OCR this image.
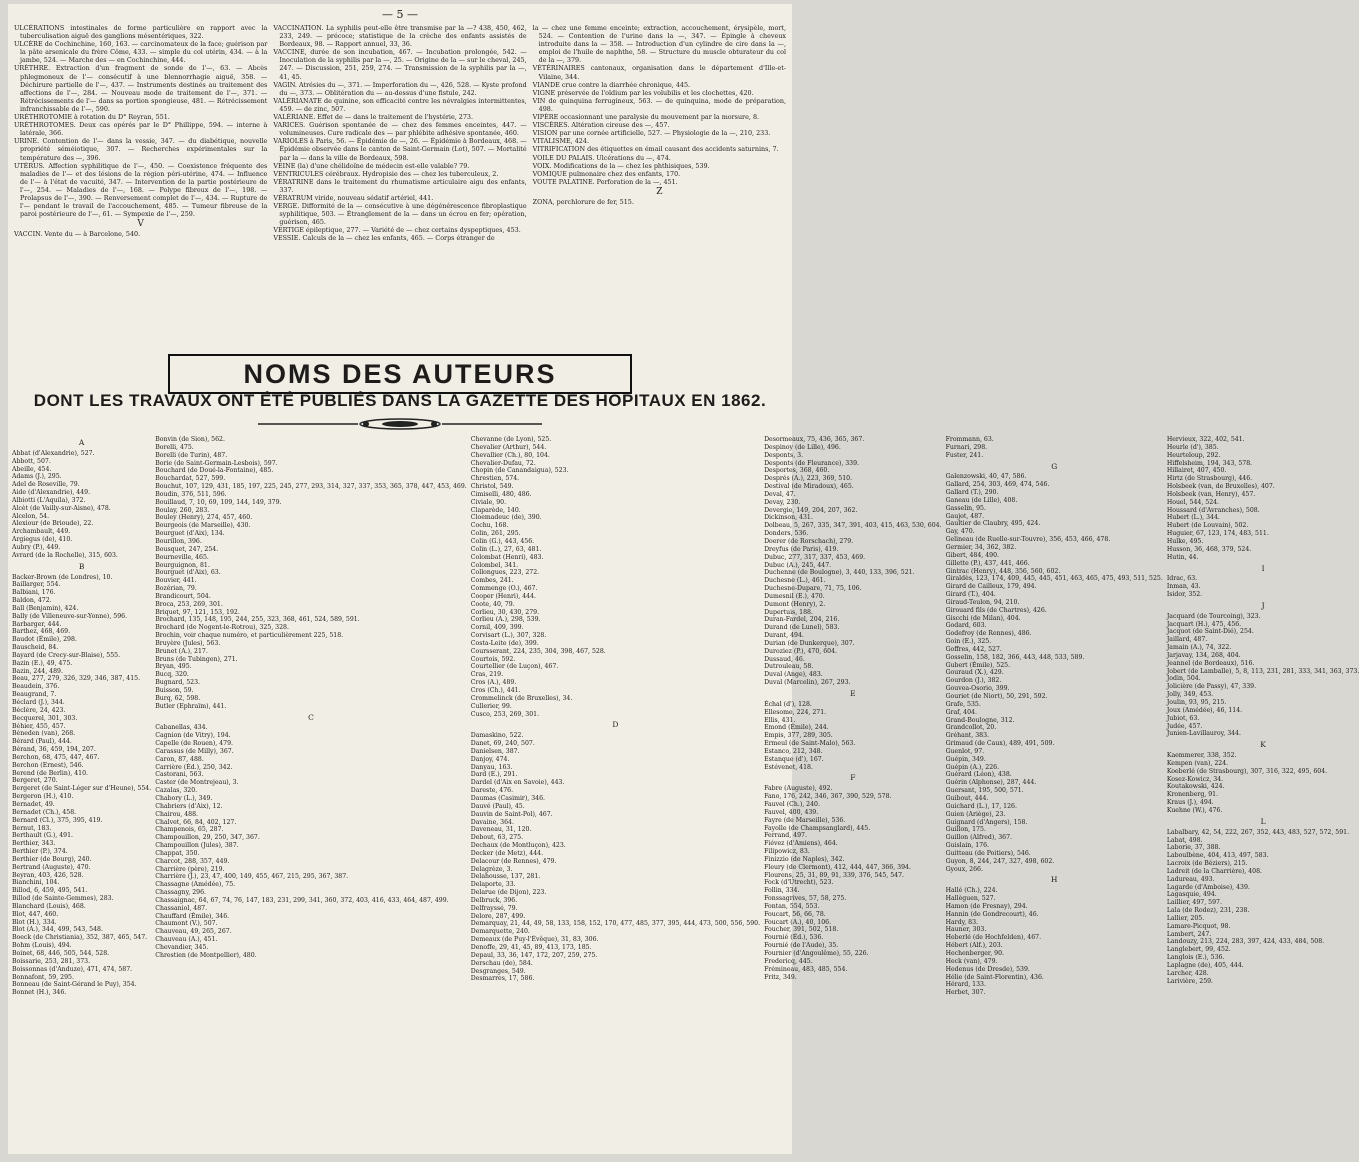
— 5 —

ULCÉRATIONS intestinales de forme particulière en rapport avec la tuberculisation aiguë des ganglions mésentériques, 322.

ULCÈRE de Cochinchine, 160, 163. — carcinomateux de la face; guérison par la pâte arsenicale du frère Côme, 433. — simple du col utérin, 434. — à la jambe, 524. — Marche des — en Cochinchine, 444.

URÈTHRE. Extraction d'un fragment de sonde de l'—, 63. — Abcès phlegmoneux de l'— consécutif à une blennorrhagie aiguë, 358. — Déchirure partielle de l'—, 437. — Instruments destinés au traitement des affections de l'—, 284. — Nouveau mode de traitement de l'—, 371. — Rétrécissements de l'— dans sa portion spongieuse, 481. — Rétrécissement infranchissable de l'—, 590.

URÉTHROTOMIE à rotation du D° Reyran, 551.

URÉTHROTOMES. Deux cas opérés par le D° Phillippe, 594. — interne à latérale, 366.

URINE. Contention de l'— dans la vessie, 347. — du diabétique, nouvelle propriété séméiotique, 307. — Recherches expérimentales sur la température des —, 396.

UTÉRUS. Affection syphilitique de l'—, 450. — Coexistence fréquente des maladies de l'— et des lésions de la région péri-utérine, 474. — Influence de l'— à l'état de vacuité, 347. — Intervention de la partie postérieure de l'—, 254. — Maladies de l'—, 168. — Polype fibreux de l'—, 198. — Prolapsus de l'—, 390. — Renversement complet de l'—, 434. — Rupture de l'— pendant le travail de l'accouchement, 485. — Tumeur fibreuse de la paroi postérieure de l'—, 61. — Sympexie de l'—, 259.

V

VACCIN. Vente du — à Barcelone, 540.

VACCINATION. La syphilis peut-elle être transmise par la —? 438, 450, 462, 233, 249. — précoce; statistique de la crèche des enfants assistés de Bordeaux, 98. — Rapport annuel, 33, 36.

VACCINE, durée de son incubation, 467. — Incubation prolongée, 542. — Inoculation de la syphilis par la —, 25. — Origine de la — sur le cheval, 245, 247. — Discussion, 251, 259, 274. — Transmission de la syphilis par la —, 41, 45.

VAGIN. Atrésies du —, 371. — Imperforation du —, 426, 528. — Kyste profond du —, 373. — Oblitération du — au-dessus d'une fistule, 242.

VALÉRIANATE de quinine, son efficacité contre les névralgies intermittentes, 459. — de zinc, 507.

VALÉRIANE. Effet de — dans le traitement de l'hystérie, 273.

VARICES. Guérison spontanée de — chez des femmes enceintes, 447. — volumineuses. Cure radicale des — par phlébite adhésive spontanée, 460.

VARIOLES à Paris, 56. — Épidémie de —, 26. — Épidémie à Bordeaux, 468. — Épidémie observée dans le canton de Saint-Germain (Lot), 507. — Mortalité par la — dans la ville de Bordeaux, 598.

VEINE (la) d'une chélidoïne de médecin est-elle valable? 79.

VENTRICULES cérébraux. Hydropisie des — chez les tuberculeux, 2.

VÉRATRINE dans le traitement du rhumatisme articulaire aigu des enfants, 337.

VÉRATRUM viride, nouveau sédatif artériel, 441.

VERGE. Difformité de la — consécutive à une dégénérescence fibroplastique syphilitique, 503. — Étranglement de la — dans un écrou en fer; opération, guérison, 465.

VERTIGE épileptique, 277. — Variété de — chez certains dyspeptiques, 453.

VESSIE. Calculs de la — chez les enfants, 465. — Corps étranger de

la — chez une femme enceinte; extraction, accouchement, érysipèle, mort, 524. — Contention de l'urine dans la —, 347. — Épingle à cheveux introduite dans la — 358. — Introduction d'un cylindre de cire dans la —, emploi de l'huile de naphthe, 58. — Structure du muscle obturateur du col de la —, 379.

VÉTÉRINAIRES cantonaux, organisation dans le département d'Ille-et-Vilaine, 344.

VIANDE crue contre la diarrhée chronique, 445.

VIGNE préservée de l'oïdium par les volubilis et les clochettes, 420.

VIN de quinquina ferrugineux, 563. — de quinquina, mode de préparation, 498.

VIPÈRE occasionnant une paralysie du mouvement par la morsure, 8.

VISCÈRES. Altération cireuse des —, 457.

VISION par une cornée artificielle, 527. — Physiologie de la —, 210, 233.

VITALISME, 424.

VITRIFICATION des étiquettes en émail causant des accidents saturnins, 7.

VOILE DU PALAIS. Ulcérations du —, 474.

VOIX. Modifications de la — chez les phthisiques, 539.

VOMIQUE pulmonaire chez des enfants, 170.

VOUTE PALATINE. Perforation de la —, 451.

Z

ZONA, perchlorure de fer, 515.

NOMS DES AUTEURS
DONT LES TRAVAUX ONT ÉTÉ PUBLIÉS DANS LA GAZETTE DES HOPITAUX EN 1862.
A
Abbat (d'Alexandrie), 527.
Abbott, 507.
Abeille, 454.
Adams (J.), 295.
Adel de Roseville, 79.
Aide (d'Alexandrie), 449.
Albiotti (L'Aquila), 372.
Alcèt (de Vailly-sur-Aisne), 478.
Alcelon, 54.
Alexiour (de Brioude), 22.
Archambault, 449.
Argiegus (de), 410.
Aubry (P.), 449.
Avrard (de la Rochelle), 315, 603.
B
Backer-Brown (de Londres), 10.
Baillarger, 554.
Balbiani, 176.
Baldon, 472.
Ball (Benjamin), 424.
Bally (de Villeneuve-sur-Yonne), 596.
Barbarger, 444.
Barthez, 468, 469.
Baudot (Émile), 298.
Bauscheid, 84.
Bayard (de Crecy-sur-Blaise), 555.
Bazin (E.), 49, 475.
Bazin, 244, 489.
Beau, 277, 279, 326, 329, 346, 387, 415.
Beaudein, 376.
Beaugrand, 7.
Béclard (J.), 344.
Béclère, 24, 423.
Becquerel, 301, 303.
Béhier, 455, 457.
Béneden (van), 268.
Bérard (Paul), 444.
Bérand, 36, 459, 194, 207.
Berchon, 68, 475, 447, 467.
Berchon (Ernest), 546.
Berend (de Berlin), 410.
Bergeret, 270.
Bergeret (de Saint-Léger sur d'Heune), 554.
Bergeron (H.), 410.
Bernadet, 49.
Bernadet (Ch.), 458.
Bernard (Cl.), 375, 395, 419.
Bernut, 183.
Berthault (G.), 491.
Berthier, 343.
Berthier (P.), 374.
Berthier (de Bourg), 240.
Bertrand (Auguste), 470.
Beyran, 403, 426, 528.
Bianchini, 104.
Billod, 6, 459, 495, 541.
Billod (de Sainte-Gemmes), 283.
Blanchard (Louis), 468.
Blot, 447, 460.
Blot (H.), 334.
Blot (A.), 344, 499, 543, 548.
Boeck (de Christiania), 352, 387, 465, 547.
Bohm (Louis), 494.
Boinet, 68, 446, 505, 544, 528.
Boissarie, 253, 281, 373.
Boissonnas (d'Anduze), 471, 474, 587.
Bonnafont, 59, 295.
Bonneau (de Saint-Gérand le Puy), 354.
Bonnet (H.), 346.
Bonvin (de Sion), 562.
Borelli, 475.
Borelli (de Turin), 487.
Borie (de Saint-Germain-Lesbois), 597.
Bouchard (de Doué-la-Fontaine), 485.
Bouchardat, 527, 599.
Bouchut, 107, 129, 431, 185, 197, 225, 245, 277, 293, 314, 327, 337, 353, 365, 378, 447, 453, 469.
Boudin, 376, 511, 596.
Bouillaud, 7, 10, 69, 109, 144, 149, 379.
Boulay, 260, 283.
Bouley (Henry), 274, 457, 460.
Bourgeois (de Marseille), 430.
Bourguet (d'Aix), 134.
Bourillon, 396.
Bousquet, 247, 254.
Bourneville, 465.
Bourguignon, 81.
Bourguet (d'Aix), 63.
Bouvier, 441.
Bozérian, 79.
Brandicourt, 504.
Broca, 253, 269, 301.
Briquet, 97, 121, 153, 192.
Brochard, 135, 148, 195, 244, 255, 323, 368, 461, 524, 589, 591.
Brochard (de Nogent-le-Rotrou), 325, 328.
Brochin, voir chaque numéro, et particulièrement 225, 518.
Bruyère (Jules), 563.
Brunet (A.), 217.
Bruns (de Tubingen), 271.
Bryan, 495.
Bucq, 320.
Bugnard, 523.
Buisson, 59.
Burq, 62, 598.
Butler (Ephraïm), 441.
C
Cabanellas, 434.
Cagnion (de Vitry), 194.
Capelle (de Rouen), 479.
Carassus (de Milly), 367.
Caron, 87, 488.
Carrière (Éd.), 250, 342.
Castorani, 563.
Caster (de Montrejeau), 3.
Cazalas, 320.
Chabory (L.), 349.
Chabriers (d'Aix), 12.
Chairou, 488.
Chalvet, 66, 84, 402, 127.
Champenois, 65, 287.
Champouillon, 29, 250, 347, 367.
Champouillon (Jules), 387.
Chappat, 350.
Charcot, 288, 357, 449.
Charrière (père), 219.
Charrière (J.), 23, 47, 400, 149, 455, 467, 215, 295, 367, 387.
Chassagne (Amédée), 75.
Chassagny, 296.
Chassaignac, 64, 67, 74, 76, 147, 183, 231, 299, 341, 360, 372, 403, 416, 433, 464, 487, 499.
Chassaniol, 487.
Chauffard (Émile), 346.
Chaumont (V.), 507.
Chauveau, 49, 265, 267.
Chauveau (A.), 451.
Chevandier, 345.
Chrestien (de Montpellier), 480.
Chevanne (de Lyon), 525.
Chevalier (Arthur), 544.
Chevallier (Ch.), 80, 104.
Chevalier-Dufau, 72.
Chopin (de Canandaigua), 523.
Chrestien, 574.
Christol, 549.
Cimiselli, 480, 486.
Civiale, 90.
Claparède, 140.
Cloemadeuc (de), 390.
Cochu, 168.
Colin, 261, 295.
Colin (G.), 443, 456.
Colin (L.), 27, 63, 481.
Colombat (Henri), 483.
Colombel, 341.
Collongues, 223, 272.
Combes, 241.
Commenge (O.), 467.
Cooper (Henri), 444.
Coote, 40, 79.
Corlieu, 30, 430, 279.
Corlieu (A.), 298, 539.
Cornil, 409, 399.
Corvisart (L.), 307, 328.
Costa-Leite (de), 399.
Coursserant, 224, 235, 304, 398, 467, 528.
Courtois, 592.
Courtellier (de Luçon), 467.
Cras, 219.
Cros (A.), 489.
Cros (Ch.), 441.
Crommelinck (de Bruxelles), 34.
Cullerier, 99.
Cusco, 253, 269, 301.
D
Damaskino, 522.
Danet, 69, 240, 507.
Danielsen, 387.
Danjoy, 474.
Danyau, 163.
Dard (E.), 291.
Dardel (d'Aix en Savoie), 443.
Dareste, 476.
Daumas (Casimir), 346.
Dauvé (Paul), 45.
Dauvin de Saint-Pol), 467.
Davaine, 364.
Daveneau, 31, 120.
Debout, 63, 275.
Dechaux (de Montluçon), 423.
Decker (de Metz), 444.
Delacour (de Rennes), 479.
Delagrèze, 3.
Delahousse, 137, 281.
Delaporte, 33.
Delarue (de Dijon), 223.
Delbruck, 396.
Delfrayssé, 79.
Delore, 287, 499.
Demarquay, 21, 44, 49, 58, 133, 158, 152, 170, 477, 485, 377, 395, 444, 473, 500, 556, 590.
Demarquette, 240.
Demeaux (de Puy-l'Évêque), 31, 83, 306.
Denoffe, 29, 41, 45, 89, 413, 173, 185.
Depaul, 33, 36, 147, 172, 207, 259, 275.
Derschau (de), 584.
Desgranges, 549.
Desmarres, 17, 586.
Desormeaux, 75, 436, 365, 367.
Despinoy (de Lille), 496.
Desponts, 3.
Desponts (de Fleurance), 339.
Desportes, 368, 460.
Després (A.), 223, 369, 510.
Destival (de Miradoux), 465.
Deval, 47.
Devay, 230.
Devergie, 149, 204, 207, 362.
Dickinson, 431.
Dolbeau, 5, 267, 335, 347, 391, 403, 415, 463, 530, 604.
Donders, 536.
Doerer (de Rorschach), 279.
Dreyfus (de Paris), 419.
Dubuc, 277, 317, 337, 453, 469.
Dubuc (A.), 245, 447.
Duchenne (de Boulogne), 3, 440, 133, 396, 521.
Duchesne (L.), 461.
Duchesne-Dupare, 71, 75, 106.
Dumesnil (E.), 470.
Dumont (Henry), 2.
Dupertuis, 188.
Duran-Fardel, 204, 216.
Durand (de Lunel), 583.
Durant, 494.
Durian (de Dunkerque), 307.
Duroziez (P.), 470, 604.
Dussaud, 46.
Dutrouleau, 58.
Duval (Ange), 483.
Duval (Marcelin), 267, 293.
E
Échal (d'), 128.
Ellesome, 224, 271.
Ellis, 431.
Emond (Émile), 244.
Empis, 377, 289, 305.
Ermeul (de Saint-Malo), 563.
Estanco, 212, 348.
Estanque (d'), 167.
Estévenet, 418.
F
Fabre (Auguste), 492.
Fano, 176, 242, 346, 367, 390, 529, 578.
Fauvel (Ch.), 240.
Fauvel, 400, 439.
Fayre (de Marseille), 536.
Fayolle (de Champsanglard), 445.
Ferrand, 497.
Fiévez (d'Amiens), 464.
Filipowicz, 83.
Finizzio (de Naples), 342.
Fleury (de Clermont), 412, 444, 447, 366, 394.
Flourens, 25, 31, 89, 91, 339, 376, 545, 547.
Fock (d'Utrecht), 523.
Follin, 334.
Fonssagrives, 57, 58, 275.
Fontan, 554, 553.
Foucart, 56, 66, 78.
Foucart (A.), 40, 106.
Foucher, 391, 502, 518.
Fournié (Éd.), 536.
Fournié (de l'Aude), 35.
Fournier (d'Angoulême), 55, 226.
Fredericq, 445.
Frémineau, 483, 485, 554.
Fritz, 349.
Frommann, 63.
Furnari, 298.
Fuster, 241.
G
Galenzowski, 40, 47, 586.
Gallard, 254, 303, 469, 474, 546.
Gallard (T.), 290.
Ganeau (de Lille), 408.
Gasselin, 95.
Gaujot, 487.
Gaultier de Claubry, 495, 424.
Gay, 470.
Gelineau (de Ruelle-sur-Touvre), 356, 453, 466, 478.
Germier, 34, 362, 382.
Gibert, 484, 490.
Gillette (P.), 437, 441, 466.
Gintrac (Henry), 448, 356, 560, 602.
Giraldès, 123, 174, 409, 445, 445, 451, 463, 465, 475, 493, 511, 525.
Girard de Cailleux, 179, 494.
Girard (T.), 404.
Giraud-Teulon, 94, 210.
Girouard fils (de Chartres), 426.
Giscchi (de Milan), 404.
Godard, 603.
Godefroy (de Rennes), 486.
Goin (E.), 325.
Goffres, 442, 527.
Gosselin, 158, 182, 366, 443, 448, 533, 589.
Gubert (Émile), 525.
Gouraud (X.), 429.
Gourdon (J.), 382.
Gouvea-Osorio, 399.
Gouriet (de Niort), 50, 291, 592.
Grafe, 535.
Graf, 404.
Grand-Boulogne, 312.
Grandcollot, 20.
Gréhant, 383.
Grimaud (de Caux), 489, 491, 509.
Guenlot, 97.
Guépin, 349.
Guépin (A.), 226.
Guérard (Léon), 438.
Guérin (Alphonse), 287, 444.
Guersant, 195, 500, 571.
Guibout, 444.
Guichard (L.), 17, 126.
Guien (Ariège), 23.
Guignard (d'Angers), 158.
Guillon, 175.
Guillon (Alfred), 367.
Guislain, 176.
Guitteau (de Poitiers), 546.
Guyon, 8, 244, 247, 327, 498, 602.
Gyoux, 266.
H
Hallé (Ch.), 224.
Hallèguen, 527.
Hamon (de Fresnay), 294.
Hannin (de Gondrecourt), 46.
Hardy, 83.
Hauner, 303.
Heberlé (de Hochfelden), 467.
Hébert (Alf.), 203.
Hechenberger, 90.
Heck (van), 479.
Hedenus (de Dresde), 539.
Hélie (de Saint-Florentin), 436.
Hérard, 133.
Herbet, 307.
Hervieux, 322, 402, 541.
Heurle (d'), 385.
Heurteloup, 292.
Hiffelsheim, 194, 343, 578.
Hillairet, 407, 450.
Hirtz (de Strasbourg), 446.
Holsbeek (van, de Bruxelles), 407.
Holsbeek (van, Henry), 457.
Houel, 544, 524.
Houssard (d'Avranches), 508.
Hubert (L.), 344.
Hubert (de Louvain), 502.
Huguier, 67, 123, 174, 483, 511.
Hulke, 495.
Husson, 36, 468, 379, 524.
Hutin, 44.
I
Idrac, 63.
Inman, 43.
Isidor, 352.
J
Jacquard (de Tourcoing), 323.
Jacquart (H.), 475, 456.
Jacquot (de Saint-Dié), 254.
Jaillard, 487.
Jamain (A.), 74, 322.
Jarjavay, 134, 268, 404.
Jeannel (de Bordeaux), 516.
Jobert (de Lamballe), 5, 8, 113, 231, 281, 333, 341, 363, 373.
Jodin, 504.
Jolicière (de Passy), 47, 339.
Jolly, 349, 453.
Joulin, 93, 95, 215.
Joux (Amédée), 46, 114.
Jubiot, 63.
Judée, 457.
Junien-Lavillauroy, 344.
K
Kaemmerer, 338, 352.
Kempen (van), 224.
Koeberlé (de Strasbourg), 307, 316, 322, 495, 604.
Kosez-Kowicz, 34.
Koutakowski, 424.
Kronenberg, 91.
Kraus (J.), 494.
Kuehne (W.), 476.
L
Labalbary, 42, 54, 222, 267, 352, 443, 483, 527, 572, 591.
Labat, 498.
Laborie, 37, 388.
Laboulbène, 404, 413, 497, 583.
Lacroix (de Béziers), 215.
Ladreit (de la Charrière), 408.
Ladureau, 493.
Lagarde (d'Amboise), 439.
Lagasquie, 494.
Laillier, 497, 597.
Lala (de Rodez), 231, 238.
Lallier, 205.
Lamare-Picquot, 98.
Lambert, 247.
Landouzy, 213, 224, 283, 397, 424, 433, 484, 508.
Langlebert, 99, 452.
Langlois (E.), 536.
Laplagne (de), 405, 444.
Larcher, 428.
Larivière, 259.
